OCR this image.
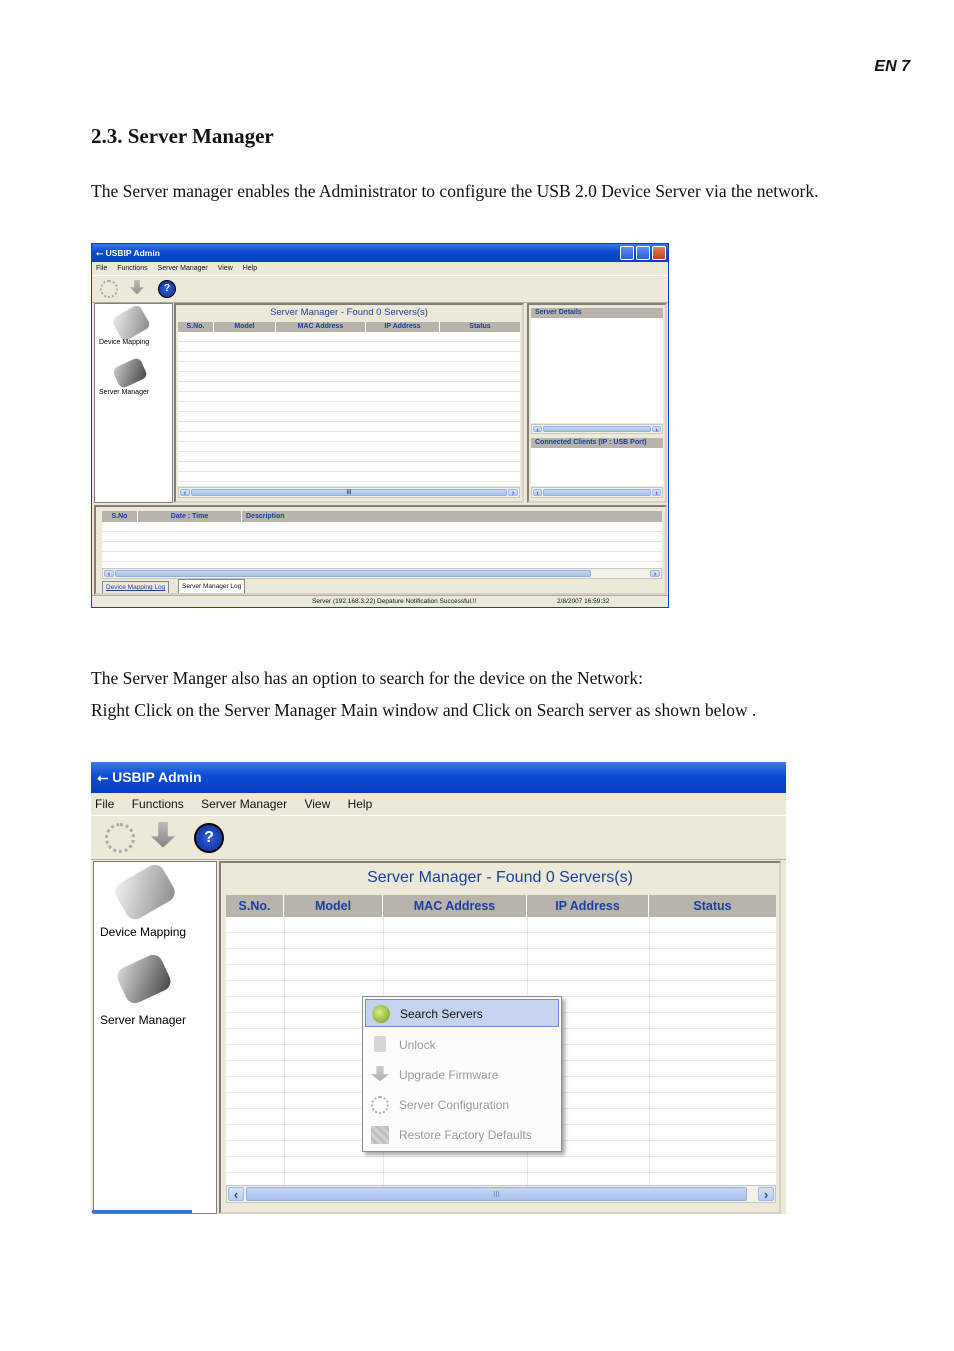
EN 7
2.3. Server Manager

The Server manager enables the Administrator to configure the USB 2.0 Device Server via the network.

⭠ USBIP Admin
File Functions Server Manager View Help
?
Device Mapping
Server Manager
Server Manager - Found 0 Servers(s)
S.No.	Model	MAC Address	IP Address	Status
‹	III	›
Server Details
‹	›
Connected Clients (IP : USB Port)
‹	›
S.No	Date : Time	Description
‹	›
Device Mapping Log	Server Manager Log
Server (192.168.3.22) Depature Notification Successful.!!	2/8/2007 16:59:32

The Server Manger also has an option to search for the device on the Network:

Right Click on the Server Manager Main window and Click on Search server as shown below .

⭠ USBIP Admin
File Functions Server Manager View Help
?
Device Mapping
Server Manager
Server Manager - Found 0 Servers(s)
S.No.	Model	MAC Address	IP Address	Status
‹	III	›
Search Servers
Unlock
Upgrade Firmware
Server Configuration
Restore Factory Defaults
